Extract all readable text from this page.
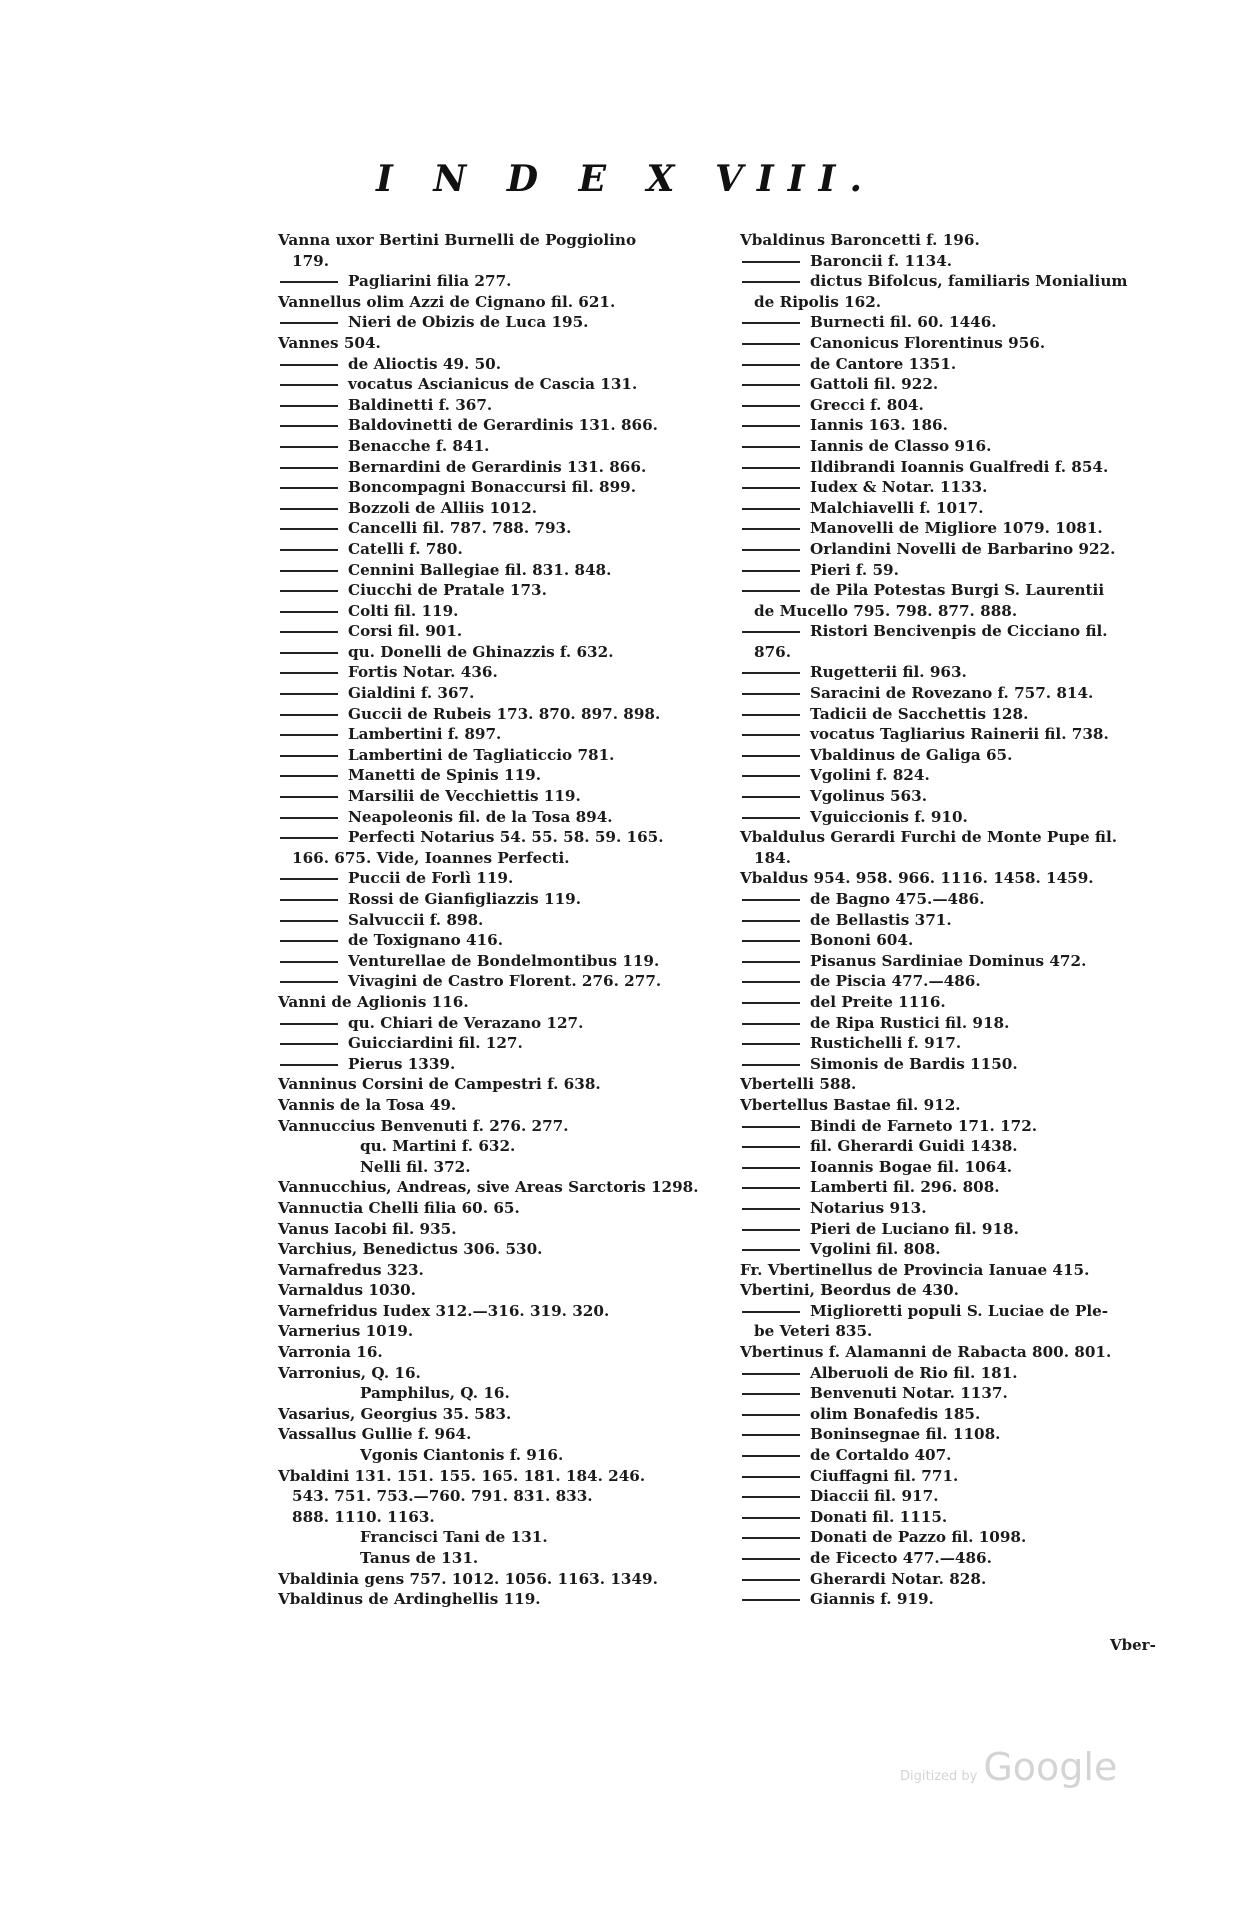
I N D E X VIII.

Vanna uxor Bertini Burnelli de Poggiolino

179.

Pagliarini filia 277.

Vannellus olim Azzi de Cignano fil. 621.

Nieri de Obizis de Luca 195.

Vannes 504.

de Alioctis 49. 50.

vocatus Ascianicus de Cascia 131.

Baldinetti f. 367.

Baldovinetti de Gerardinis 131. 866.

Benacche f. 841.

Bernardini de Gerardinis 131. 866.

Boncompagni Bonaccursi fil. 899.

Bozzoli de Alliis 1012.

Cancelli fil. 787. 788. 793.

Catelli f. 780.

Cennini Ballegiae fil. 831. 848.

Ciucchi de Pratale 173.

Colti fil. 119.

Corsi fil. 901.

qu. Donelli de Ghinazzis f. 632.

Fortis Notar. 436.

Gialdini f. 367.

Guccii de Rubeis 173. 870. 897. 898.

Lambertini f. 897.

Lambertini de Tagliaticcio 781.

Manetti de Spinis 119.

Marsilii de Vecchiettis 119.

Neapoleonis fil. de la Tosa 894.

Perfecti Notarius 54. 55. 58. 59. 165.

166. 675. Vide, Ioannes Perfecti.

Puccii de Forlì 119.

Rossi de Gianfigliazzis 119.

Salvuccii f. 898.

de Toxignano 416.

Venturellae de Bondelmontibus 119.

Vivagini de Castro Florent. 276. 277.

Vanni de Aglionis 116.

qu. Chiari de Verazano 127.

Guicciardini fil. 127.

Pierus 1339.

Vanninus Corsini de Campestri f. 638.

Vannis de la Tosa 49.

Vannuccius Benvenuti f. 276. 277.

qu. Martini f. 632.

Nelli fil. 372.

Vannucchius, Andreas, sive Areas Sarctoris 1298.

Vannuctia Chelli filia 60. 65.

Vanus Iacobi fil. 935.

Varchius, Benedictus 306. 530.

Varnafredus 323.

Varnaldus 1030.

Varnefridus Iudex 312.—316. 319. 320.

Varnerius 1019.

Varronia 16.

Varronius, Q. 16.

Pamphilus, Q. 16.

Vasarius, Georgius 35. 583.

Vassallus Gullie f. 964.

Vgonis Ciantonis f. 916.

Vbaldini 131. 151. 155. 165. 181. 184. 246.

543. 751. 753.—760. 791. 831. 833.

888. 1110. 1163.

Francisci Tani de 131.

Tanus de 131.

Vbaldinia gens 757. 1012. 1056. 1163. 1349.

Vbaldinus de Ardinghellis 119.

Vbaldinus Baroncetti f. 196.

Baroncii f. 1134.

dictus Bifolcus, familiaris Monialium

de Ripolis 162.

Burnecti fil. 60. 1446.

Canonicus Florentinus 956.

de Cantore 1351.

Gattoli fil. 922.

Grecci f. 804.

Iannis 163. 186.

Iannis de Classo 916.

Ildibrandi Ioannis Gualfredi f. 854.

Iudex & Notar. 1133.

Malchiavelli f. 1017.

Manovelli de Migliore 1079. 1081.

Orlandini Novelli de Barbarino 922.

Pieri f. 59.

de Pila Potestas Burgi S. Laurentii

de Mucello 795. 798. 877. 888.

Ristori Bencivenpis de Cicciano fil.

876.

Rugetterii fil. 963.

Saracini de Rovezano f. 757. 814.

Tadicii de Sacchettis 128.

vocatus Tagliarius Rainerii fil. 738.

Vbaldinus de Galiga 65.

Vgolini f. 824.

Vgolinus 563.

Vguiccionis f. 910.

Vbaldulus Gerardi Furchi de Monte Pupe fil.

184.

Vbaldus 954. 958. 966. 1116. 1458. 1459.

de Bagno 475.—486.

de Bellastis 371.

Bononi 604.

Pisanus Sardiniae Dominus 472.

de Piscia 477.—486.

del Preite 1116.

de Ripa Rustici fil. 918.

Rustichelli f. 917.

Simonis de Bardis 1150.

Vbertelli 588.

Vbertellus Bastae fil. 912.

Bindi de Farneto 171. 172.

fil. Gherardi Guidi 1438.

Ioannis Bogae fil. 1064.

Lamberti fil. 296. 808.

Notarius 913.

Pieri de Luciano fil. 918.

Vgolini fil. 808.

Fr. Vbertinellus de Provincia Ianuae 415.

Vbertini, Beordus de 430.

Miglioretti populi S. Luciae de Ple-

be Veteri 835.

Vbertinus f. Alamanni de Rabacta 800. 801.

Alberuoli de Rio fil. 181.

Benvenuti Notar. 1137.

olim Bonafedis 185.

Boninsegnae fil. 1108.

de Cortaldo 407.

Ciuffagni fil. 771.

Diaccii fil. 917.

Donati fil. 1115.

Donati de Pazzo fil. 1098.

de Ficecto 477.—486.

Gherardi Notar. 828.

Giannis f. 919.

Vber-
Digitized by Google
